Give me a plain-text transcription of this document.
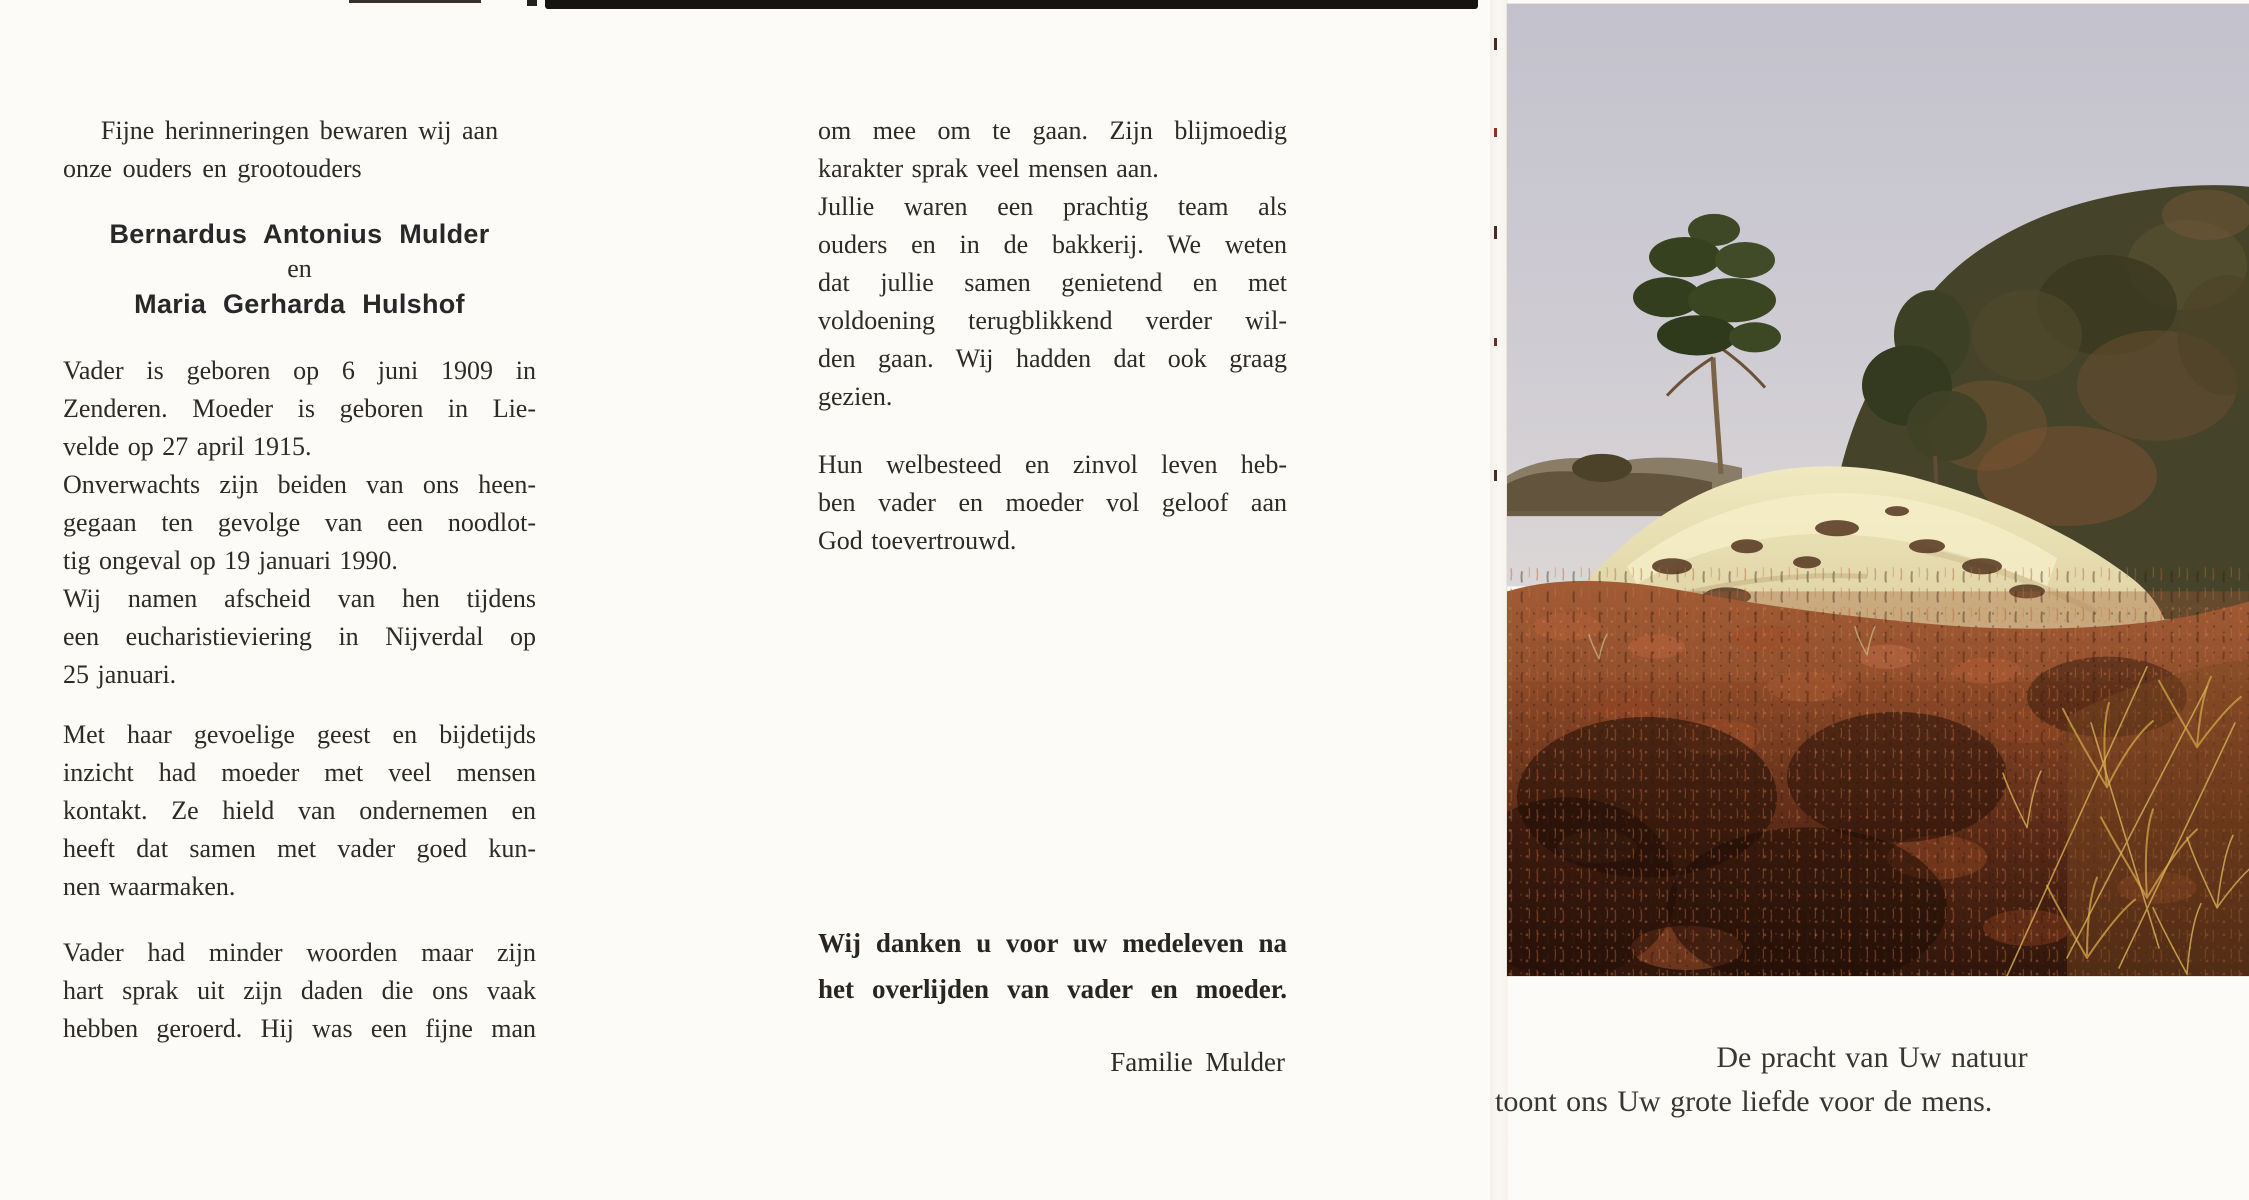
Fijne herinneringen bewaren wij aan
onze ouders en grootouders
Bernardus Antonius Mulder
en
Maria Gerharda Hulshof
Vader is geboren op 6 juni 1909 in
Zenderen. Moeder is geboren in Lie-
velde op 27 april 1915.
Onverwachts zijn beiden van ons heen-
gegaan ten gevolge van een noodlot-
tig ongeval op 19 januari 1990.
Wij namen afscheid van hen tijdens
een eucharistieviering in Nijverdal op
25 januari.
Met haar gevoelige geest en bijdetijds
inzicht had moeder met veel mensen
kontakt. Ze hield van ondernemen en
heeft dat samen met vader goed kun-
nen waarmaken.
Vader had minder woorden maar zijn
hart sprak uit zijn daden die ons vaak
hebben geroerd. Hij was een fijne man
om mee om te gaan. Zijn blijmoedig
karakter sprak veel mensen aan.
Jullie waren een prachtig team als
ouders en in de bakkerij. We weten
dat jullie samen genietend en met
voldoening terugblikkend verder wil-
den gaan. Wij hadden dat ook graag
gezien.
Hun welbesteed en zinvol leven heb-
ben vader en moeder vol geloof aan
God toevertrouwd.
Wij danken u voor uw medeleven na
het overlijden van vader en moeder.
Familie Mulder	De pracht van Uw natuur
toont ons Uw grote liefde voor de mens.
